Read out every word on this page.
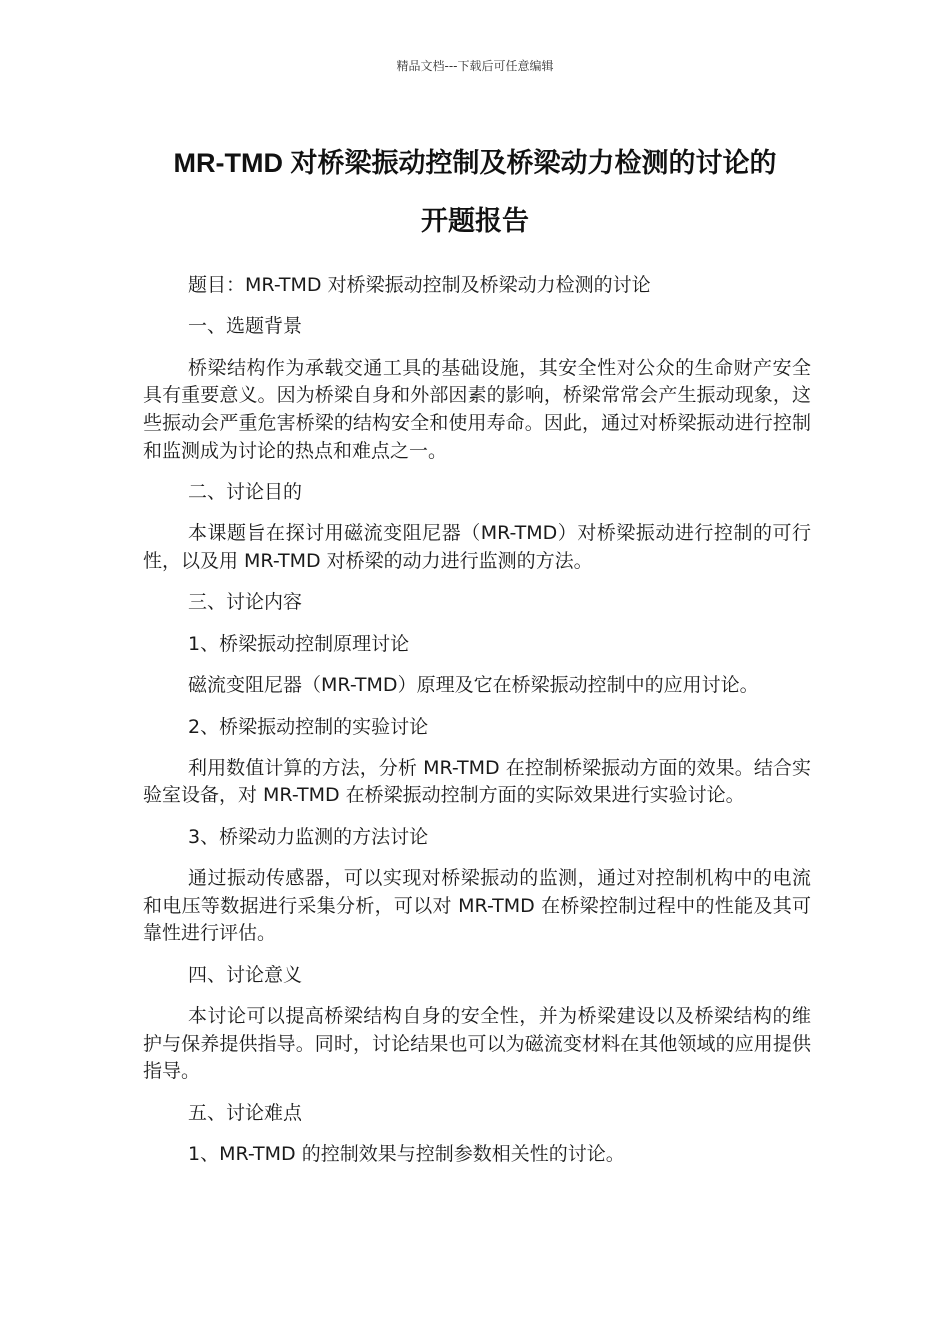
精品文档---下载后可任意编辑
MR-TMD 对桥梁振动控制及桥梁动力检测的讨论的
开题报告

题目：MR-TMD 对桥梁振动控制及桥梁动力检测的讨论

一、选题背景

桥梁结构作为承载交通工具的基础设施，其安全性对公众的生命财产安全具有重要意义。因为桥梁自身和外部因素的影响，桥梁常常会产生振动现象，这些振动会严重危害桥梁的结构安全和使用寿命。因此，通过对桥梁振动进行控制和监测成为讨论的热点和难点之一。

二、讨论目的

本课题旨在探讨用磁流变阻尼器（MR-TMD）对桥梁振动进行控制的可行性，以及用 MR-TMD 对桥梁的动力进行监测的方法。

三、讨论内容

1、桥梁振动控制原理讨论

磁流变阻尼器（MR-TMD）原理及它在桥梁振动控制中的应用讨论。

2、桥梁振动控制的实验讨论

利用数值计算的方法，分析 MR-TMD 在控制桥梁振动方面的效果。结合实验室设备，对 MR-TMD 在桥梁振动控制方面的实际效果进行实验讨论。

3、桥梁动力监测的方法讨论

通过振动传感器，可以实现对桥梁振动的监测，通过对控制机构中的电流和电压等数据进行采集分析，可以对 MR-TMD 在桥梁控制过程中的性能及其可靠性进行评估。

四、讨论意义

本讨论可以提高桥梁结构自身的安全性，并为桥梁建设以及桥梁结构的维护与保养提供指导。同时，讨论结果也可以为磁流变材料在其他领域的应用提供指导。

五、讨论难点

1、MR-TMD 的控制效果与控制参数相关性的讨论。
